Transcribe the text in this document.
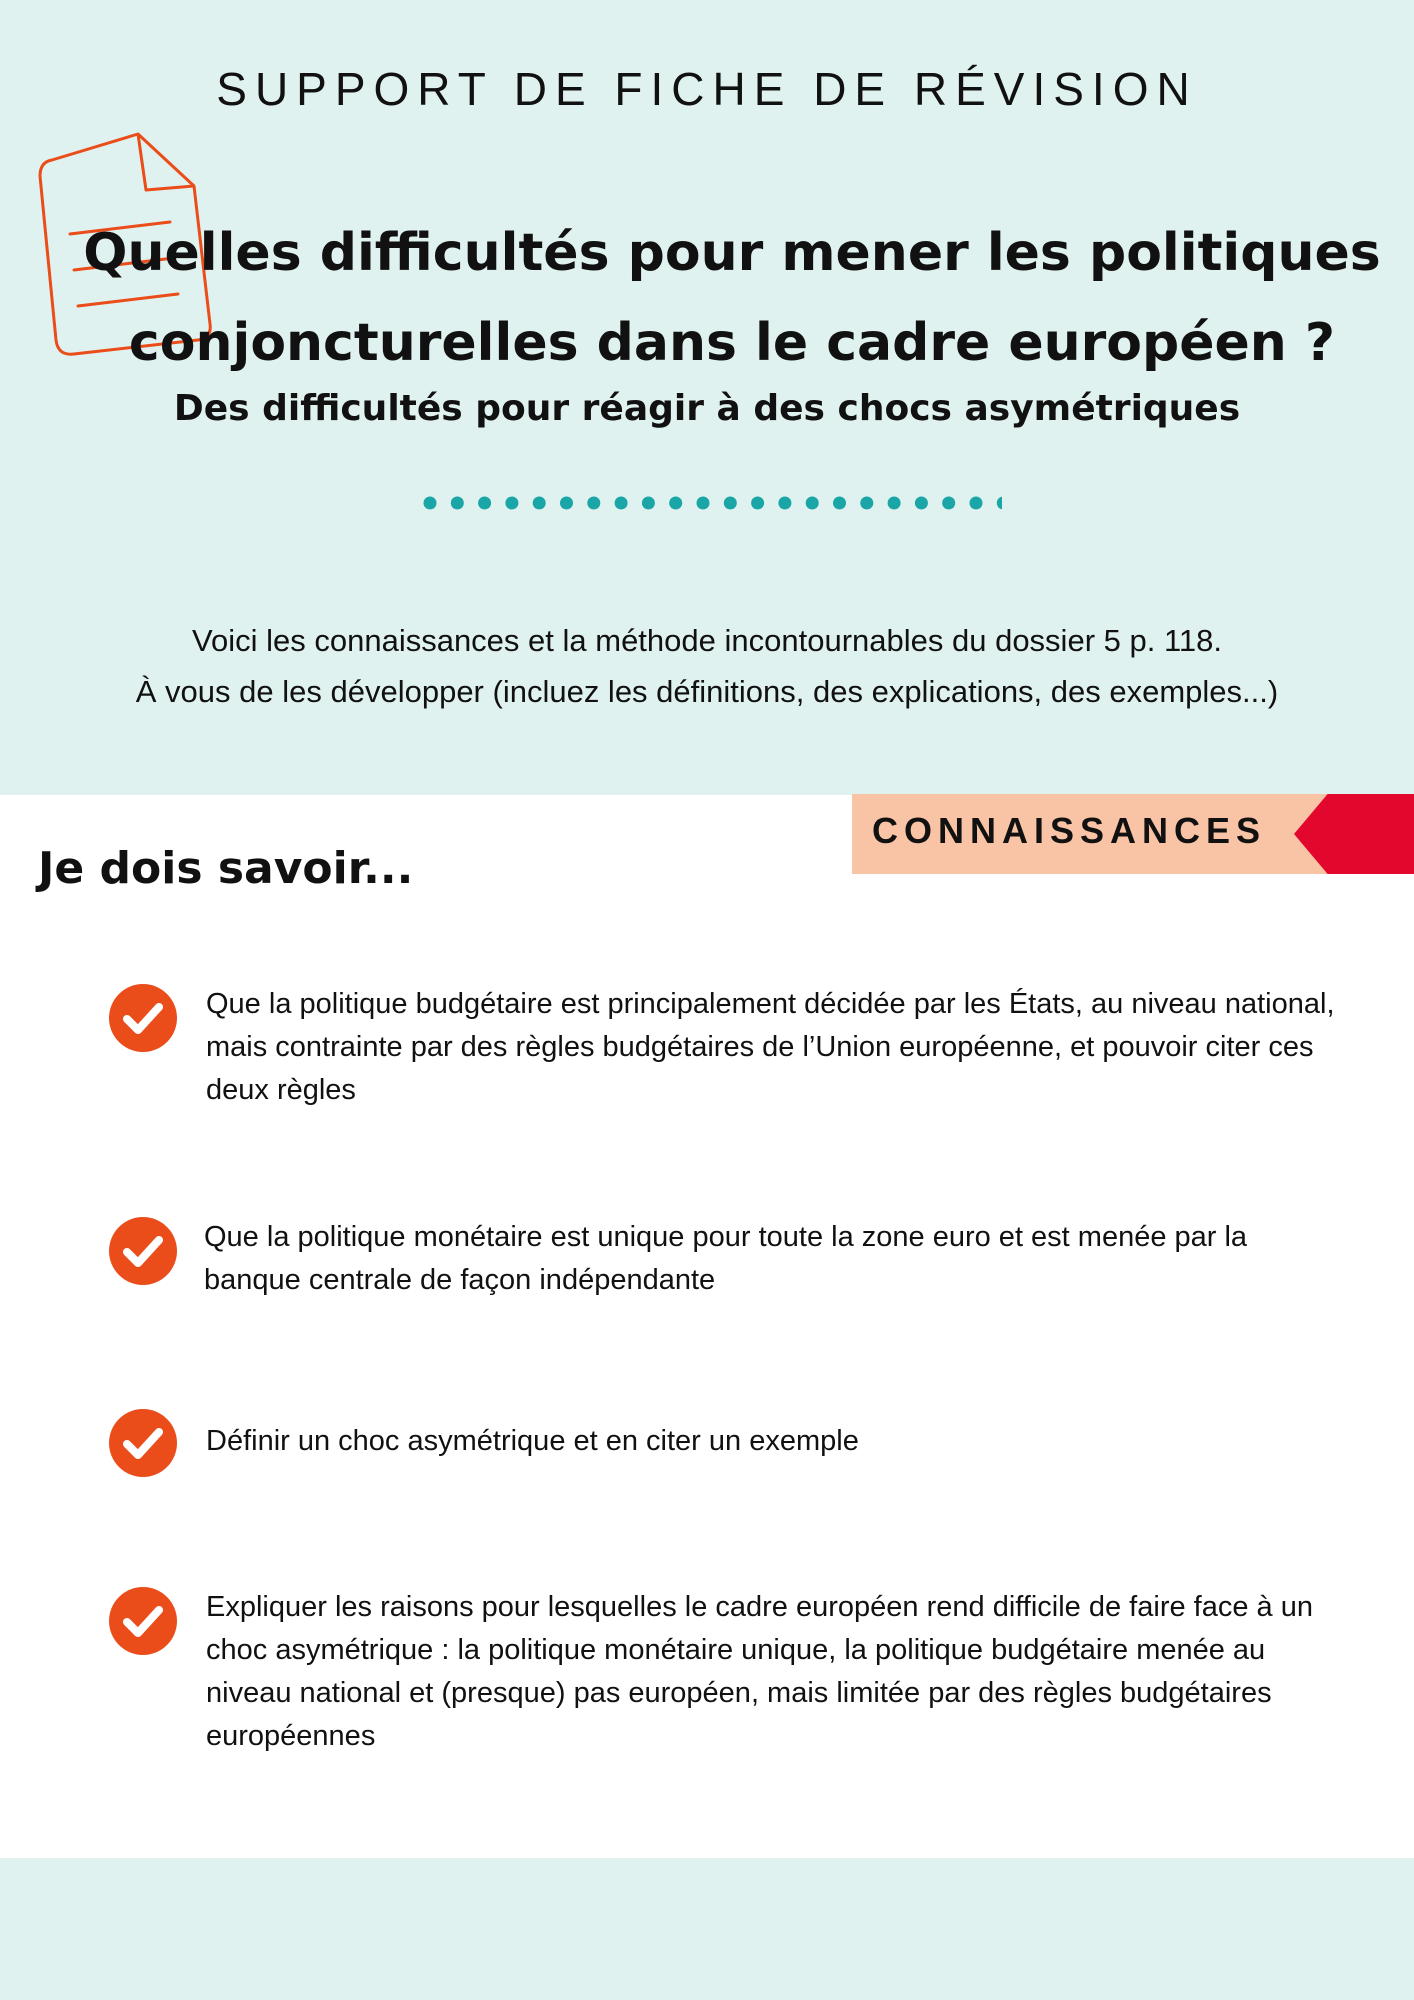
SUPPORT DE FICHE DE RÉVISION
Quelles difficultés pour mener les politiques
conjoncturelles dans le cadre européen ?
Des difficultés pour réagir à des chocs asymétriques
Voici les connaissances et la méthode incontournables du dossier 5 p. 118.
À vous de les développer (incluez les définitions, des explications, des exemples...)
CONNAISSANCES
Je dois savoir...
Que la politique budgétaire est principalement décidée par les États, au niveau national, mais contrainte par des règles budgétaires de l’Union européenne, et pouvoir citer ces deux règles
Que la politique monétaire est unique pour toute la zone euro et est menée par la banque centrale de façon indépendante
Définir un choc asymétrique et en citer un exemple
Expliquer les raisons pour lesquelles le cadre européen rend difficile de faire face à un choc asymétrique : la politique monétaire unique, la politique budgétaire menée au niveau national et (presque) pas européen, mais limitée par des règles budgétaires européennes
